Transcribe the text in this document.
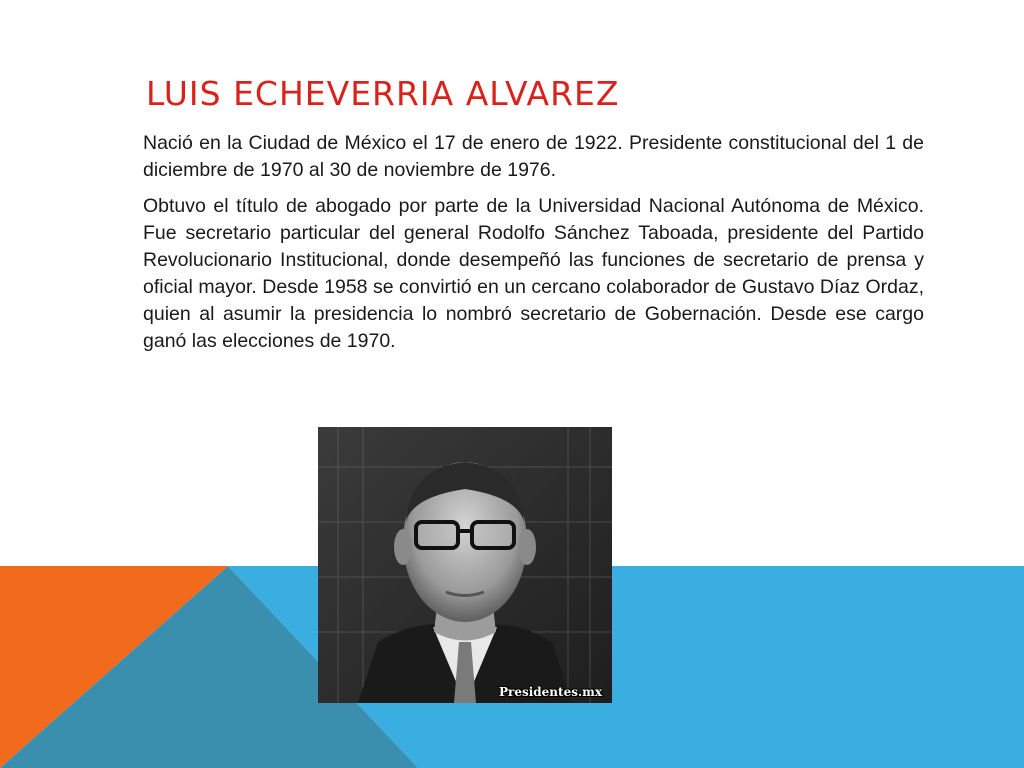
LUIS ECHEVERRIA ALVAREZ

Nació en la Ciudad de México el 17 de enero de 1922. Presidente constitucional del 1 de diciembre de 1970 al 30 de noviembre de 1976.

Obtuvo el título de abogado por parte de la Universidad Nacional Autónoma de México. Fue secretario particular del general Rodolfo Sánchez Taboada, presidente del Partido Revolucionario Institucional, donde desempeñó las funciones de secretario de prensa y oficial mayor. Desde 1958 se convirtió en un cercano colaborador de Gustavo Díaz Ordaz, quien al asumir la presidencia lo nombró secretario de Gobernación. Desde ese cargo ganó las elecciones de 1970.

Presidentes.mx
